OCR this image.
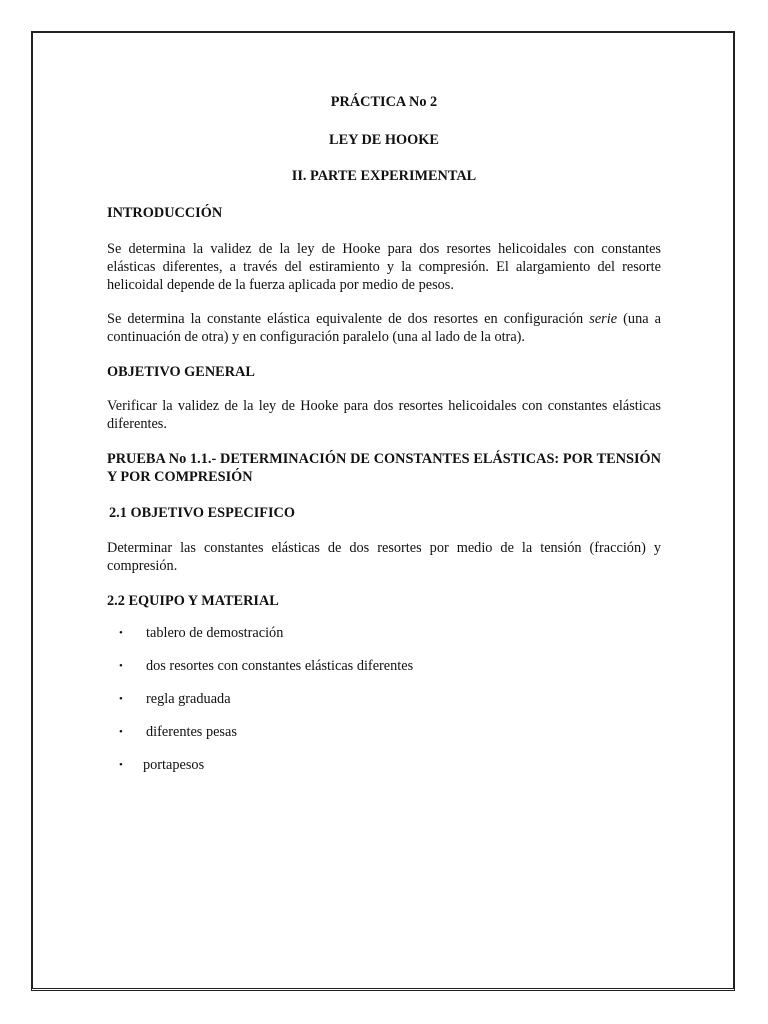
PRÁCTICA No 2

LEY DE HOOKE

II. PARTE EXPERIMENTAL

INTRODUCCIÓN

Se determina la validez de la ley de Hooke para dos resortes helicoidales con constantes elásticas diferentes, a través del estiramiento y la compresión. El alargamiento del resorte helicoidal depende de la fuerza aplicada por medio de pesos.

Se determina la constante elástica equivalente de dos resortes en configuración serie (una a continuación de otra) y en configuración paralelo (una al lado de la otra).

OBJETIVO GENERAL

Verificar la validez de la ley de Hooke para dos resortes helicoidales con constantes elásticas diferentes.

PRUEBA No 1.1.- DETERMINACIÓN DE CONSTANTES ELÁSTICAS: POR TENSIÓN Y POR COMPRESIÓN

2.1 OBJETIVO ESPECIFICO

Determinar las constantes elásticas de dos resortes por medio de la tensión (fracción) y compresión.

2.2 EQUIPO Y MATERIAL

• tablero de demostración
• dos resortes con constantes elásticas diferentes
• regla graduada
• diferentes pesas
• portapesos
